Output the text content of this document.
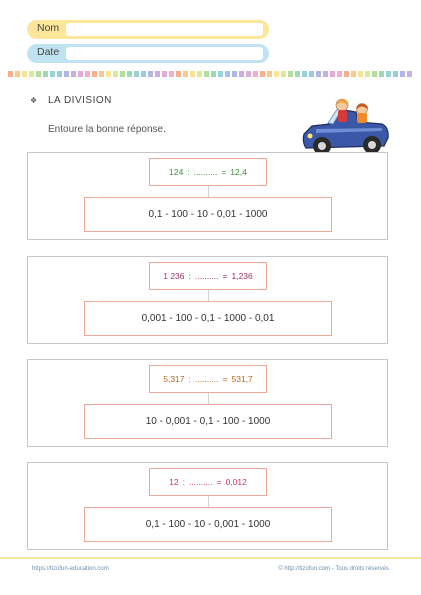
Nom
Date
❖	LA DIVISION
Entoure la bonne réponse.
124 : .......... = 12,4
0,1 - 100 - 10 - 0,01 - 1000
1 236 : .......... = 1,236
0,001 - 100 - 0,1 - 1000 - 0,01
5,317 : .......... = 531,7
10 - 0,001 - 0,1 - 100 - 1000
12 : .......... = 0,012
0,1 - 100 - 10 - 0,001 - 1000
https://tizofun-education.com	© http://tizofun.com - Tous droits réservés
